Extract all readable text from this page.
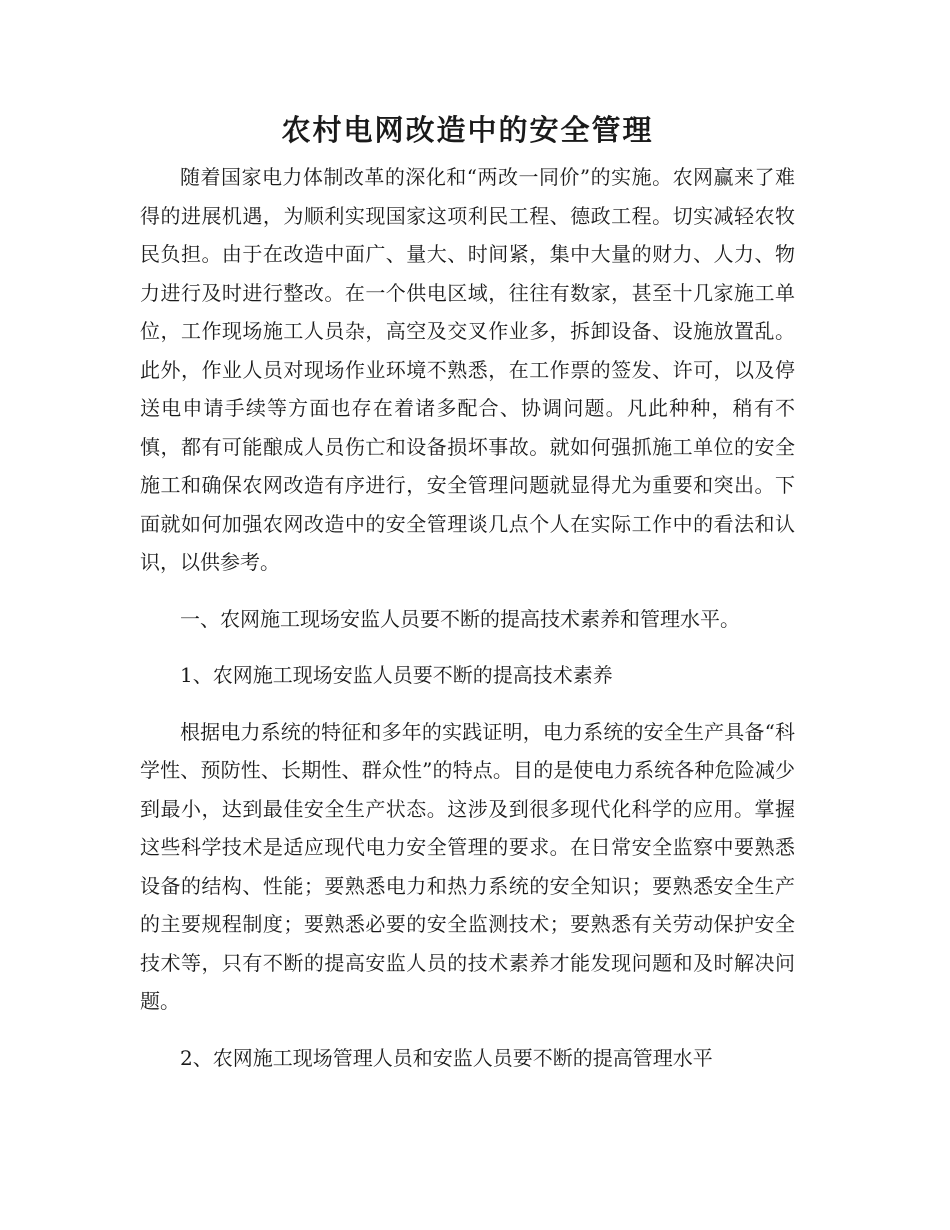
农村电网改造中的安全管理

随着国家电力体制改革的深化和“两改一同价”的实施。农网赢来了难得的进展机遇，为顺利实现国家这项利民工程、德政工程。切实减轻农牧民负担。由于在改造中面广、量大、时间紧，集中大量的财力、人力、物力进行及时进行整改。在一个供电区域，往往有数家，甚至十几家施工单位，工作现场施工人员杂，高空及交叉作业多，拆卸设备、设施放置乱。此外，作业人员对现场作业环境不熟悉，在工作票的签发、许可，以及停送电申请手续等方面也存在着诸多配合、协调问题。凡此种种，稍有不慎，都有可能酿成人员伤亡和设备损坏事故。就如何强抓施工单位的安全施工和确保农网改造有序进行，安全管理问题就显得尤为重要和突出。下面就如何加强农网改造中的安全管理谈几点个人在实际工作中的看法和认识，以供参考。

一、农网施工现场安监人员要不断的提高技术素养和管理水平。

1、农网施工现场安监人员要不断的提高技术素养

根据电力系统的特征和多年的实践证明，电力系统的安全生产具备“科学性、预防性、长期性、群众性”的特点。目的是使电力系统各种危险减少到最小，达到最佳安全生产状态。这涉及到很多现代化科学的应用。掌握这些科学技术是适应现代电力安全管理的要求。在日常安全监察中要熟悉设备的结构、性能；要熟悉电力和热力系统的安全知识；要熟悉安全生产的主要规程制度；要熟悉必要的安全监测技术；要熟悉有关劳动保护安全技术等，只有不断的提高安监人员的技术素养才能发现问题和及时解决问题。

2、农网施工现场管理人员和安监人员要不断的提高管理水平
